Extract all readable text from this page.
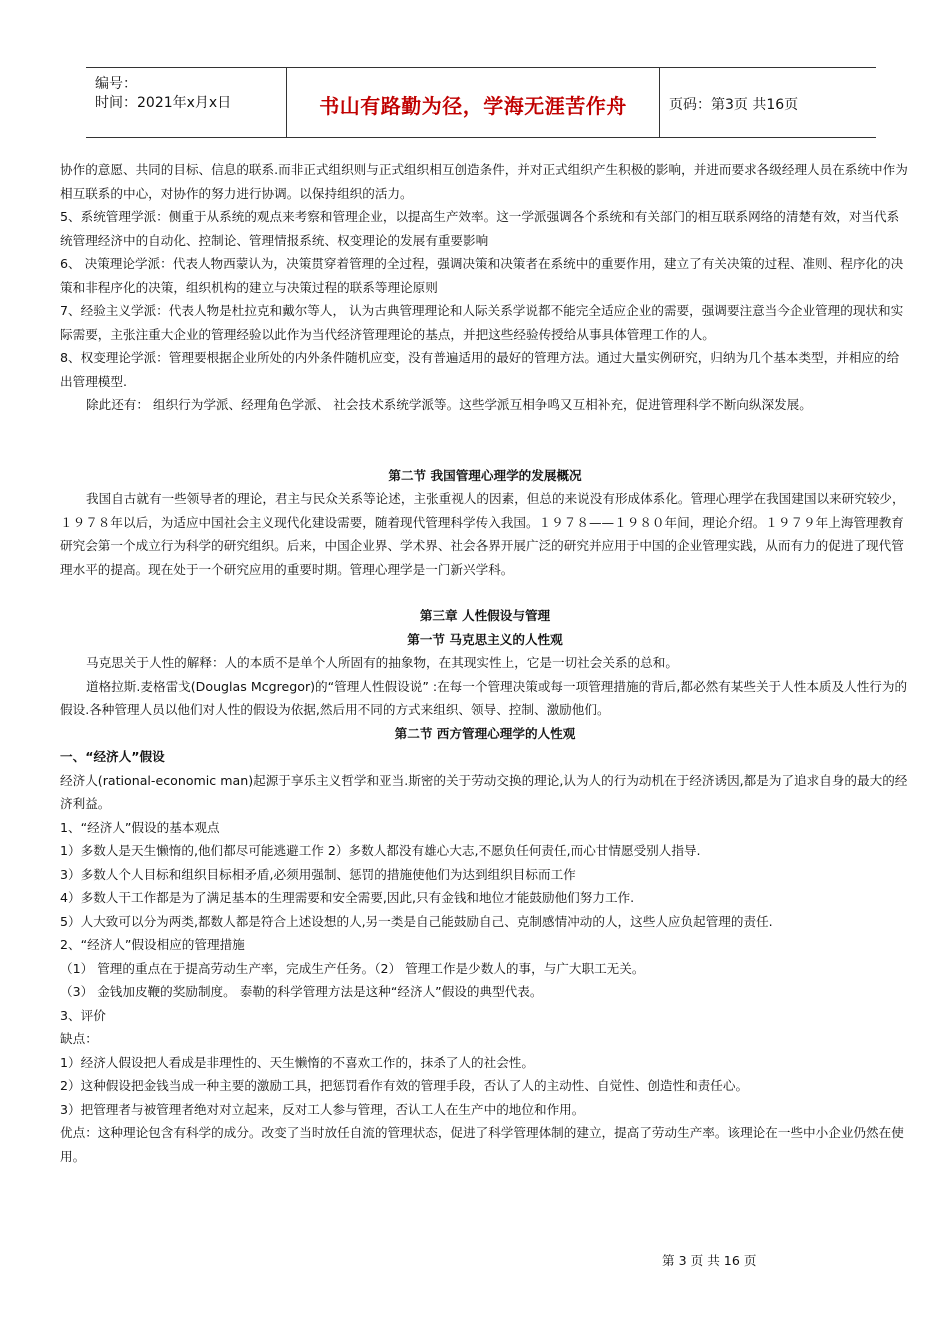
编号：
时间：2021年x月x日	书山有路勤为径，学海无涯苦作舟	页码：第3页 共16页

协作的意愿、共同的目标、信息的联系.而非正式组织则与正式组织相互创造条件，并对正式组织产生积极的影响，并进而要求各级经理人员在系统中作为相互联系的中心，对协作的努力进行协调。以保持组织的活力。

5、系统管理学派：侧重于从系统的观点来考察和管理企业，以提高生产效率。这一学派强调各个系统和有关部门的相互联系网络的清楚有效，对当代系统管理经济中的自动化、控制论、管理情报系统、权变理论的发展有重要影响

6、 决策理论学派：代表人物西蒙认为，决策贯穿着管理的全过程，强调决策和决策者在系统中的重要作用，建立了有关决策的过程、准则、程序化的决策和非程序化的决策，组织机构的建立与决策过程的联系等理论原则

7、经验主义学派：代表人物是杜拉克和戴尔等人， 认为古典管理理论和人际关系学说都不能完全适应企业的需要，强调要注意当今企业管理的现状和实际需要，主张注重大企业的管理经验以此作为当代经济管理理论的基点，并把这些经验传授给从事具体管理工作的人。

8、权变理论学派：管理要根据企业所处的内外条件随机应变，没有普遍适用的最好的管理方法。通过大量实例研究，归纳为几个基本类型，并相应的给出管理模型.

除此还有： 组织行为学派、经理角色学派、 社会技术系统学派等。这些学派互相争鸣又互相补充，促进管理科学不断向纵深发展。

第二节 我国管理心理学的发展概况

我国自古就有一些领导者的理论，君主与民众关系等论述，主张重视人的因素，但总的来说没有形成体系化。管理心理学在我国建国以来研究较少，１９７８年以后，为适应中国社会主义现代化建设需要，随着现代管理科学传入我国。１９７８——１９８０年间，理论介绍。１９７９年上海管理教育研究会第一个成立行为科学的研究组织。后来，中国企业界、学术界、社会各界开展广泛的研究并应用于中国的企业管理实践，从而有力的促进了现代管理水平的提高。现在处于一个研究应用的重要时期。管理心理学是一门新兴学科。

第三章 人性假设与管理

第一节 马克思主义的人性观

马克思关于人性的解释：人的本质不是单个人所固有的抽象物，在其现实性上，它是一切社会关系的总和。

道格拉斯.麦格雷戈(Douglas Mcgregor)的“管理人性假设说” :在每一个管理决策或每一项管理措施的背后,都必然有某些关于人性本质及人性行为的假设.各种管理人员以他们对人性的假设为依据,然后用不同的方式来组织、领导、控制、激励他们。

第二节 西方管理心理学的人性观

一、“经济人”假设

经济人(rational-economic man)起源于享乐主义哲学和亚当.斯密的关于劳动交换的理论,认为人的行为动机在于经济诱因,都是为了追求自身的最大的经济利益。

1、“经济人”假设的基本观点

1）多数人是天生懒惰的,他们都尽可能逃避工作 2）多数人都没有雄心大志,不愿负任何责任,而心甘情愿受别人指导.

3）多数人个人目标和组织目标相矛盾,必须用强制、惩罚的措施使他们为达到组织目标而工作

4）多数人干工作都是为了满足基本的生理需要和安全需要,因此,只有金钱和地位才能鼓励他们努力工作.

5）人大致可以分为两类,都数人都是符合上述设想的人,另一类是自己能鼓励自己、克制感情冲动的人，这些人应负起管理的责任.

2、“经济人”假设相应的管理措施

（1） 管理的重点在于提高劳动生产率，完成生产任务。（2） 管理工作是少数人的事，与广大职工无关。

（3） 金钱加皮鞭的奖励制度。 泰勒的科学管理方法是这种“经济人”假设的典型代表。

3、评价

缺点：

1）经济人假设把人看成是非理性的、天生懒惰的不喜欢工作的，抹杀了人的社会性。

2）这种假设把金钱当成一种主要的激励工具，把惩罚看作有效的管理手段，否认了人的主动性、自觉性、创造性和责任心。

3）把管理者与被管理者绝对对立起来，反对工人参与管理，否认工人在生产中的地位和作用。

优点：这种理论包含有科学的成分。改变了当时放任自流的管理状态，促进了科学管理体制的建立，提高了劳动生产率。该理论在一些中小企业仍然在使用。

第 3 页 共 16 页
